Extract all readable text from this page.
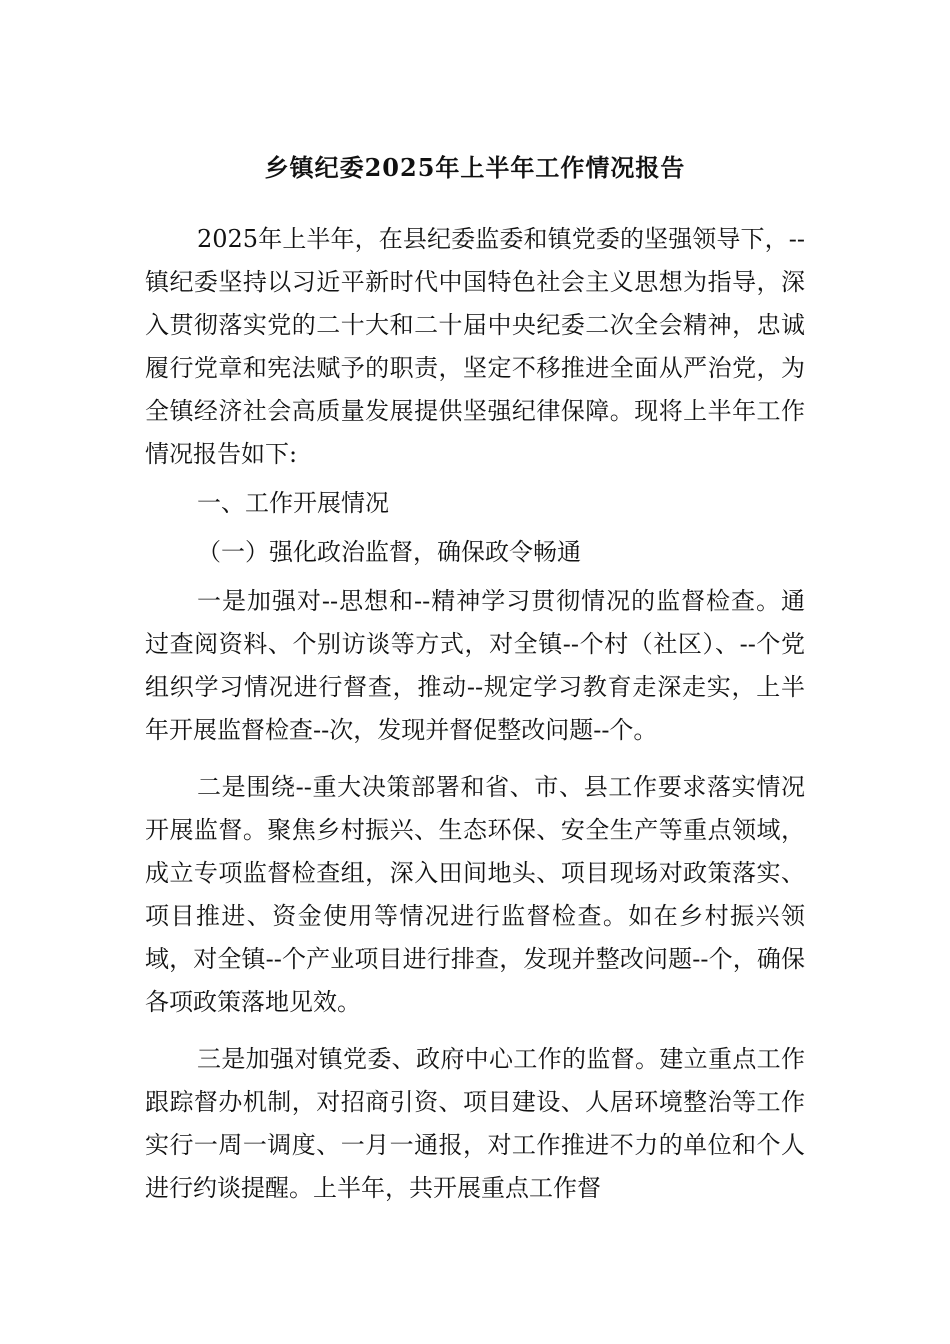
乡镇纪委2025年上半年工作情况报告

2025年上半年，在县纪委监委和镇党委的坚强领导下，--镇纪委坚持以习近平新时代中国特色社会主义思想为指导，深入贯彻落实党的二十大和二十届中央纪委二次全会精神，忠诚履行党章和宪法赋予的职责，坚定不移推进全面从严治党，为全镇经济社会高质量发展提供坚强纪律保障。现将上半年工作情况报告如下:

一、工作开展情况

（一）强化政治监督，确保政令畅通

一是加强对--思想和--精神学习贯彻情况的监督检查。通过查阅资料、个别访谈等方式，对全镇--个村（社区）、--个党组织学习情况进行督查，推动--规定学习教育走深走实，上半年开展监督检查--次，发现并督促整改问题--个。

二是围绕--重大决策部署和省、市、县工作要求落实情况开展监督。聚焦乡村振兴、生态环保、安全生产等重点领域，成立专项监督检查组，深入田间地头、项目现场对政策落实、项目推进、资金使用等情况进行监督检查。如在乡村振兴领域，对全镇--个产业项目进行排查，发现并整改问题--个，确保各项政策落地见效。

三是加强对镇党委、政府中心工作的监督。建立重点工作跟踪督办机制，对招商引资、项目建设、人居环境整治等工作实行一周一调度、一月一通报，对工作推进不力的单位和个人进行约谈提醒。上半年，共开展重点工作督
